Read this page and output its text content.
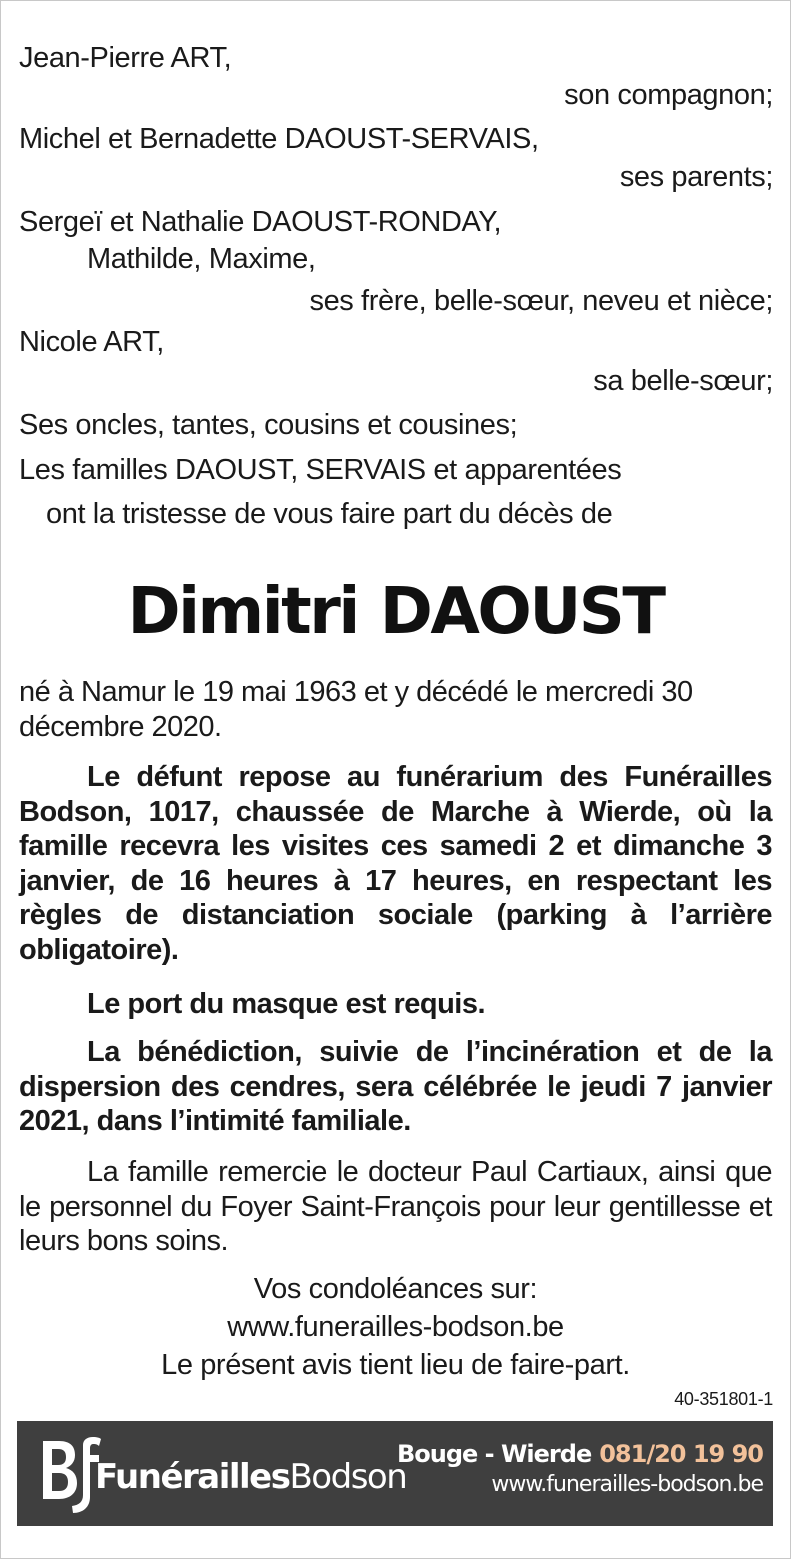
Jean-Pierre ART,
son compagnon;
Michel et Bernadette DAOUST-SERVAIS,
ses parents;
Sergeï et Nathalie DAOUST-RONDAY,
Mathilde, Maxime,
ses frère, belle-sœur, neveu et nièce;
Nicole ART,
sa belle-sœur;
Ses oncles, tantes, cousins et cousines;
Les familles DAOUST, SERVAIS et apparentées
ont la tristesse de vous faire part du décès de
Dimitri DAOUST
né à Namur le 19 mai 1963 et y décédé le mercredi 30 décembre 2020.
Le défunt repose au funérarium des Funérailles Bodson, 1017, chaussée de Marche à Wierde, où la famille recevra les visites ces samedi 2 et dimanche 3 janvier, de 16 heures à 17 heures, en respectant les règles de distanciation sociale (parking à l’arrière obligatoire).
Le port du masque est requis.
La bénédiction, suivie de l’incinération et de la dispersion des cendres, sera célébrée le jeudi 7 janvier 2021, dans l’intimité familiale.
La famille remercie le docteur Paul Cartiaux, ainsi que le personnel du Foyer Saint-François pour leur gentillesse et leurs bons soins.
Vos condoléances sur:
www.funerailles-bodson.be
Le présent avis tient lieu de faire-part.
40-351801-1
FunéraillesBodson
Bouge - Wierde 081/20 19 90
www.funerailles-bodson.be
